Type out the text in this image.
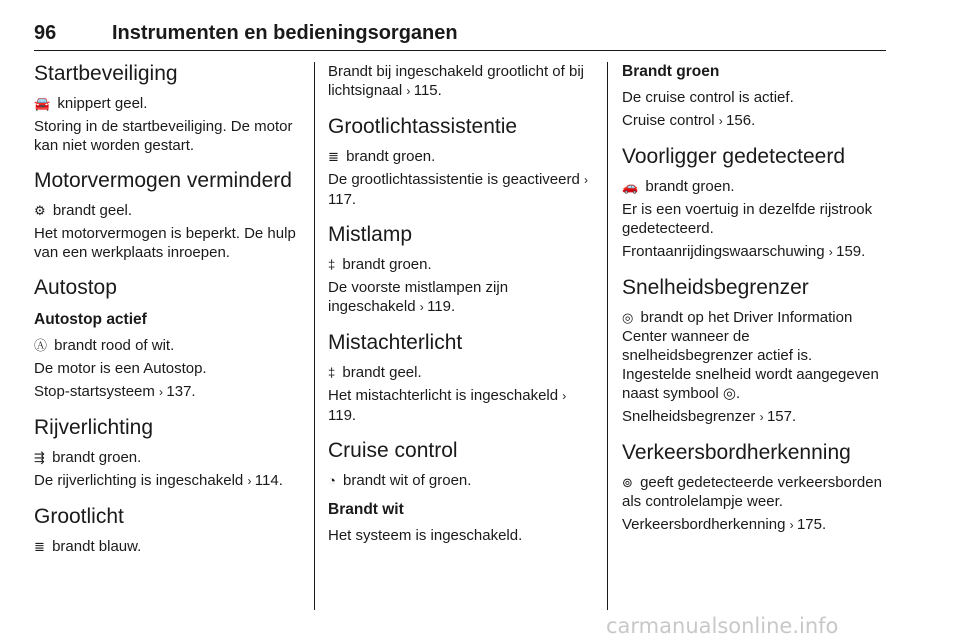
96	Instrumenten en bedieningsorganen
Startbeveiliging

🚘 knippert geel.

Storing in de startbeveiliging. De motor kan niet worden gestart.

Motorvermogen verminderd

⚙ brandt geel.

Het motorvermogen is beperkt. De hulp van een werkplaats inroepen.

Autostop
Autostop actief

Ⓐ brandt rood of wit.

De motor is een Autostop.

Stop-startsysteem › 137.

Rijverlichting

⇶ brandt groen.

De rijverlichting is ingeschakeld › 114.

Grootlicht

≣ brandt blauw.

Brandt bij ingeschakeld grootlicht of bij lichtsignaal › 115.

Grootlichtassistentie

≣ brandt groen.

De grootlichtassistentie is geactiveerd › 117.

Mistlamp

‡ brandt groen.

De voorste mistlampen zijn ingeschakeld › 119.

Mistachterlicht

‡ brandt geel.

Het mistachterlicht is ingeschakeld › 119.

Cruise control

◔ brandt wit of groen.

Brandt wit

Het systeem is ingeschakeld.

Brandt groen

De cruise control is actief.

Cruise control › 156.

Voorligger gedetecteerd

🚗 brandt groen.

Er is een voertuig in dezelfde rijstrook gedetecteerd.

Frontaanrijdingswaarschuwing › 159.

Snelheidsbegrenzer

◎ brandt op het Driver Information Center wanneer de snelheidsbegrenzer actief is. Ingestelde snelheid wordt aangegeven naast symbool ◎.

Snelheidsbegrenzer › 157.

Verkeersbordherkenning

⊚ geeft gedetecteerde verkeersborden als controlelampje weer.

Verkeersbordherkenning › 175.

carmanualsonline.info
